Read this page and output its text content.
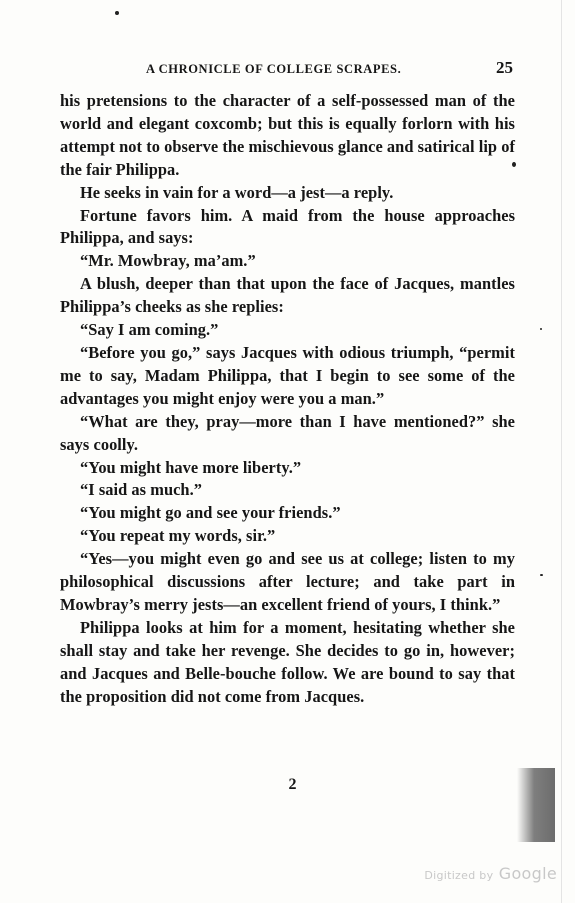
A CHRONICLE OF COLLEGE SCRAPES.	25

his pretensions to the character of a self-possessed man of the world and elegant coxcomb; but this is equally forlorn with his attempt not to observe the mischievous glance and satirical lip of the fair Philippa.

He seeks in vain for a word—a jest—a reply.

Fortune favors him. A maid from the house approaches Philippa, and says:

“Mr. Mowbray, ma’am.”

A blush, deeper than that upon the face of Jacques, mantles Philippa’s cheeks as she replies:

“Say I am coming.”

“Before you go,” says Jacques with odious triumph, “permit me to say, Madam Philippa, that I begin to see some of the advantages you might enjoy were you a man.”

“What are they, pray—more than I have mentioned?” she says coolly.

“You might have more liberty.”

“I said as much.”

“You might go and see your friends.”

“You repeat my words, sir.”

“Yes—you might even go and see us at college; listen to my philosophical discussions after lecture; and take part in Mowbray’s merry jests—an excellent friend of yours, I think.”

Philippa looks at him for a moment, hesitating whether she shall stay and take her revenge. She decides to go in, however; and Jacques and Belle-bouche follow. We are bound to say that the proposition did not come from Jacques.

2
Digitized by Google
